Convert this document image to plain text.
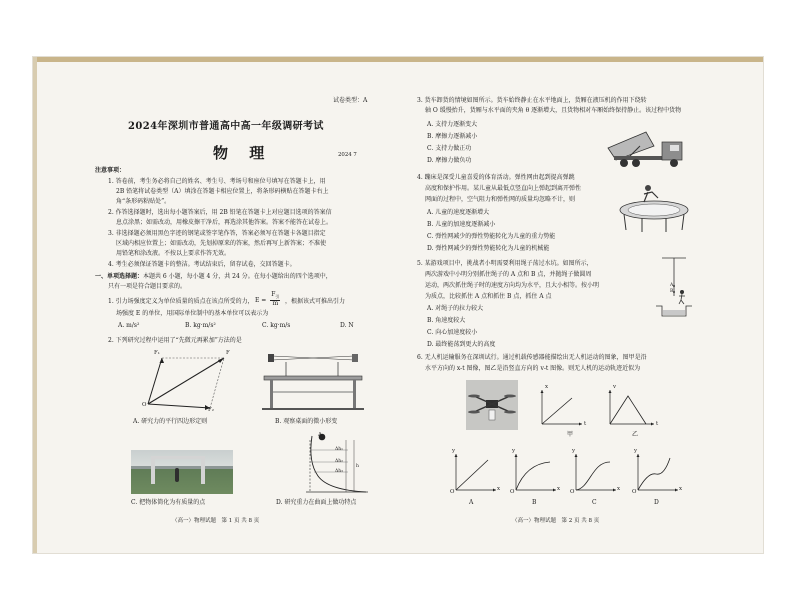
试卷类型：A
2024年深圳市普通高中高一年级调研考试
物 理	2024 7
注意事项：
1. 答卷前，考生务必将自己的姓名、考生号、考场号和座位号填写在答题卡上，用
2B 铅笔将试卷类型（A）填涂在答题卡相应位置上，将条形码横贴在答题卡右上
角“条形码粘贴处”。
2. 作答选择题时，选出每小题答案后，用 2B 铅笔在答题卡上对应题目选项的答案信
息点涂黑；如需改动，用橡皮擦干净后，再选涂其他答案。答案不能答在试卷上。
3. 非选择题必须用黑色字迹的钢笔或签字笔作答，答案必须写在答题卡各题目指定
区域内相应位置上；如需改动，先划掉原来的答案，然后再写上新答案；不准使
用铅笔和涂改液。不按以上要求作答无效。
4. 考生必须保证答题卡的整洁。考试结束后，留存试卷，交回答题卡。
一、单项选择题：本题共 6 小题，每小题 4 分，共 24 分。在每小题给出的四个选项中，
只有一项是符合题目要求的。
1. 引力场强度定义为单位质量的质点在该点所受的力， E =
$F_引$
m	，根据该式可推出引力
场强度 E 的单位，用国际单位制中的基本单位可以表示为
A. m/s²	B. kg·m/s²	C. kg·m/s	D. N
2. 下列研究过程中运用了“先微元再累加”方法的是
F₁	F
F₂
O
A. 研究力的平行四边形定则	B. 观察桌面的微小形变
C. 把物体简化为有质量的点
A
Δh₁
Δh₂
Δh₃
h
D. 研究重力在曲面上做功特点
（高一）物理试题　第 1 页 共 8 页
3. 货车卸货的情境如图所示。货车始终静止在水平地面上，货厢在液压机的作用下绕转
轴 O 缓慢抬升，货厢与水平面的夹角 θ 逐渐增大，且货物相对车厢始终保持静止。该过程中货物
A. 支持力逐渐变大
B. 摩擦力逐渐减小
C. 支持力做正功
D. 摩擦力做负功
4. 蹦床是深受儿童喜爱的体育活动。弹性网由起到提高弹跳
高度和保护作用。某儿童从最低点竖直向上弹起到离开弹性
网面的过程中，空气阻力和弹性网的质量均忽略不计，则
A. 儿童的速度逐渐增大
B. 儿童的加速度逐渐减小
C. 弹性网减少的弹性势能转化为儿童的重力势能
D. 弹性网减少的弹性势能转化为儿童的机械能
5. 某游戏项目中，挑战者小明需要利用绳子荡过水坑。如图所示，
两次游戏中小明分别抓住绳子的 A 点和 B 点，并抛绳子做圆周
运动，两次抓住绳子时的速度方向均为水平，且大小相等。按小明
为质点，比较抓住 A 点和抓住 B 点，抓住 A 点
A. 对绳子的拉力较大
B. 角速度较大
C. 向心加速度较小
D. 最终能荡到更大的高度
A
B
6. 无人机运输服务在深圳试行。通过机载传感器能描绘出无人机运动的图象，图甲是沿
水平方向的 x-t 图像，图乙是沿竖直方向的 v-t 图像。则无人机的运动轨迹近似为
x
t
甲
v
t
乙
y
x
O
A
y
x
O
B
y
x
O
C
y
x
O
D
（高一）物理试题　第 2 页 共 8 页
